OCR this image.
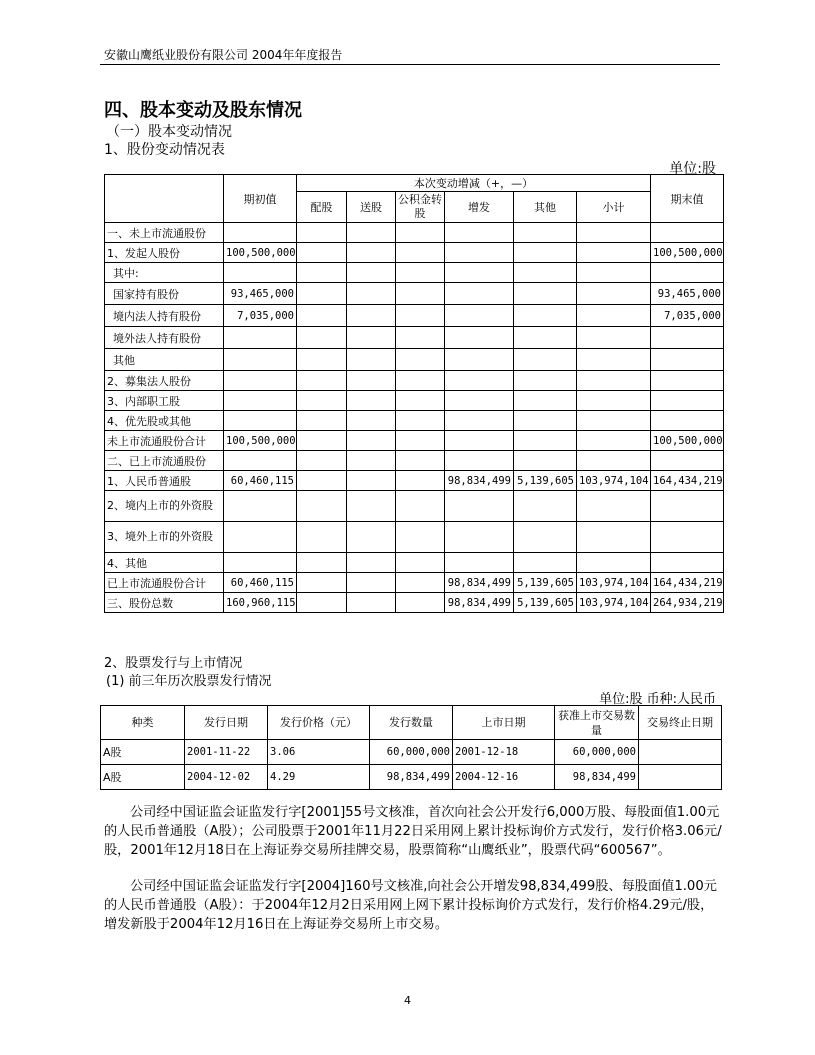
安徽山鹰纸业股份有限公司 2004年年度报告
四、股本变动及股东情况
（一）股本变动情况
1、股份变动情况表
单位:股
	期初值	本次变动增减（+，—）						期末值
		配股	送股	公积金转股	增发	其他	小计	

一、未上市流通股份								
1、发起人股份	100,500,000							100,500,000
其中:								
国家持有股份	93,465,000							93,465,000
境内法人持有股份	7,035,000							7,035,000
境外法人持有股份								
其他								
2、募集法人股份								
3、内部职工股								
4、优先股或其他								
未上市流通股份合计	100,500,000							100,500,000
二、已上市流通股份								
1、人民币普通股	60,460,115				98,834,499	5,139,605	103,974,104	164,434,219
2、境内上市的外资股								
3、境外上市的外资股								
4、其他								
已上市流通股份合计	60,460,115				98,834,499	5,139,605	103,974,104	164,434,219
三、股份总数	160,960,115				98,834,499	5,139,605	103,974,104	264,934,219
2、股票发行与上市情况
(1) 前三年历次股票发行情况
单位:股 币种:人民币
种类	发行日期	发行价格（元）	发行数量	上市日期	获准上市交易数量	交易终止日期
A股	2001-11-22	3.06	60,000,000	2001-12-18	60,000,000	
A股	2004-12-02	4.29	98,834,499	2004-12-16	98,834,499	
公司经中国证监会证监发行字[2001]55号文核准，首次向社会公开发行6,000万股、每股面值1.00元的人民币普通股（A股）；公司股票于2001年11月22日采用网上累计投标询价方式发行，发行价格3.06元/股，2001年12月18日在上海证券交易所挂牌交易，股票简称“山鹰纸业”，股票代码“600567”。
公司经中国证监会证监发行字[2004]160号文核准,向社会公开增发98,834,499股、每股面值1.00元的人民币普通股（A股）：于2004年12月2日采用网上网下累计投标询价方式发行，发行价格4.29元/股，增发新股于2004年12月16日在上海证券交易所上市交易。
4
